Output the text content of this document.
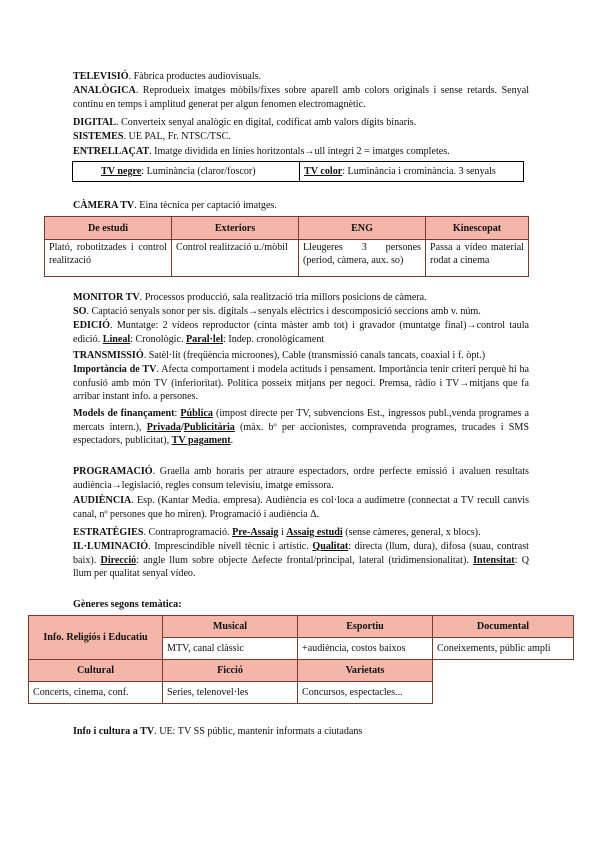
TELEVISIÓ. Fàbrica productes audiovisuals.
ANALÒGICA. Reprodueix imatges mòbils/fixes sobre aparell amb colors originals i sense retards. Senyal continu en temps i amplitud generat per algun fenomen electromagnètic.
DIGITAL. Converteix senyal analògic en digital, codificat amb valors dígits binaris.
SISTEMES. UE PAL, Fr. NTSC/TSC.
ENTRELLAÇAT. Imatge dividida en línies horitzontals→ull integri 2 = imatges completes.
TV negre : Luminància (claror/foscor)	TV color : Luminància i crominància. 3 senyals
CÀMERA TV. Eina tècnica per captació imatges.
De estudi	Exteriors	ENG	Kinescopat
Plató, robotitzades i control realització	Control realització u./mòbil	Lleugeres 3 persones (period, càmera, aux. so)	Passa a vídeo material rodat a cinema
MONITOR TV. Processos producció, sala realització tria millors posicions de càmera.
SO. Captació senyals sonor per sis. digitals→senyals elèctrics i descomposició seccions amb v. núm.
EDICIÓ. Muntatge: 2 vídeos reproductor (cinta màster amb tot) i gravador (muntatge final)→control taula edició. Lineal: Cronològic. Paral·lel: Indep. cronològicament
TRANSMISSIÓ. Satèl·lit (freqüència microones), Cable (transmissió canals tancats, coaxial i f. òpt.)
Importància de TV. Afecta comportament i modela actituds i pensament. Importància tenir criteri perquè hi ha confusió amb món TV (inferioritat). Política posseix mitjans per negoci. Premsa, ràdio i TV→mitjans que fa arribar instant info. a persones.
Models de finançament: Pública (impost directe per TV, subvencions Est., ingressos publ.,venda programes a mercats intern.), Privada/Publicitària (màx. bº per accionistes, compravenda programes, trucades i SMS espectadors, publicitat), TV pagament.
PROGRAMACIÓ. Graella amb horaris per atraure espectadors, ordre perfecte emissió i avaluen resultats audiència→legislació, regles consum televisiu, imatge emissora.
AUDIÈNCIA. Esp. (Kantar Media. empresa). Audiència es col·loca a audímetre (connectat a TV recull canvis canal, nº persones que ho miren). Programació i audiència Δ.
ESTRATÈGIES. Contraprogramació. Pre-Assaig i Assaig estudi (sense càmeres, general, x blocs).
IL·LUMINACIÓ. Imprescindible nivell tècnic i artístic. Qualitat: directa (llum, dura), difosa (suau, contrast baix). Direcció: angle llum sobre objecte Δefecte frontal/principal, lateral (tridimensionalitat). Intensitat: Q llum per qualitat senyal vídeo.
Gèneres segons temàtica:
Info. Religiós i Educatiu	Musical	Esportiu	Documental
	MTV, canal clàssic	+audiència, costos baixos	Coneixements, públic ampli
Cultural	Ficció	Varietats	
Concerts, cinema, conf.	Series, telenovel·les	Concursos, espectacles...	
Info i cultura a TV. UE: TV SS públic, mantenir informats a ciutadans
